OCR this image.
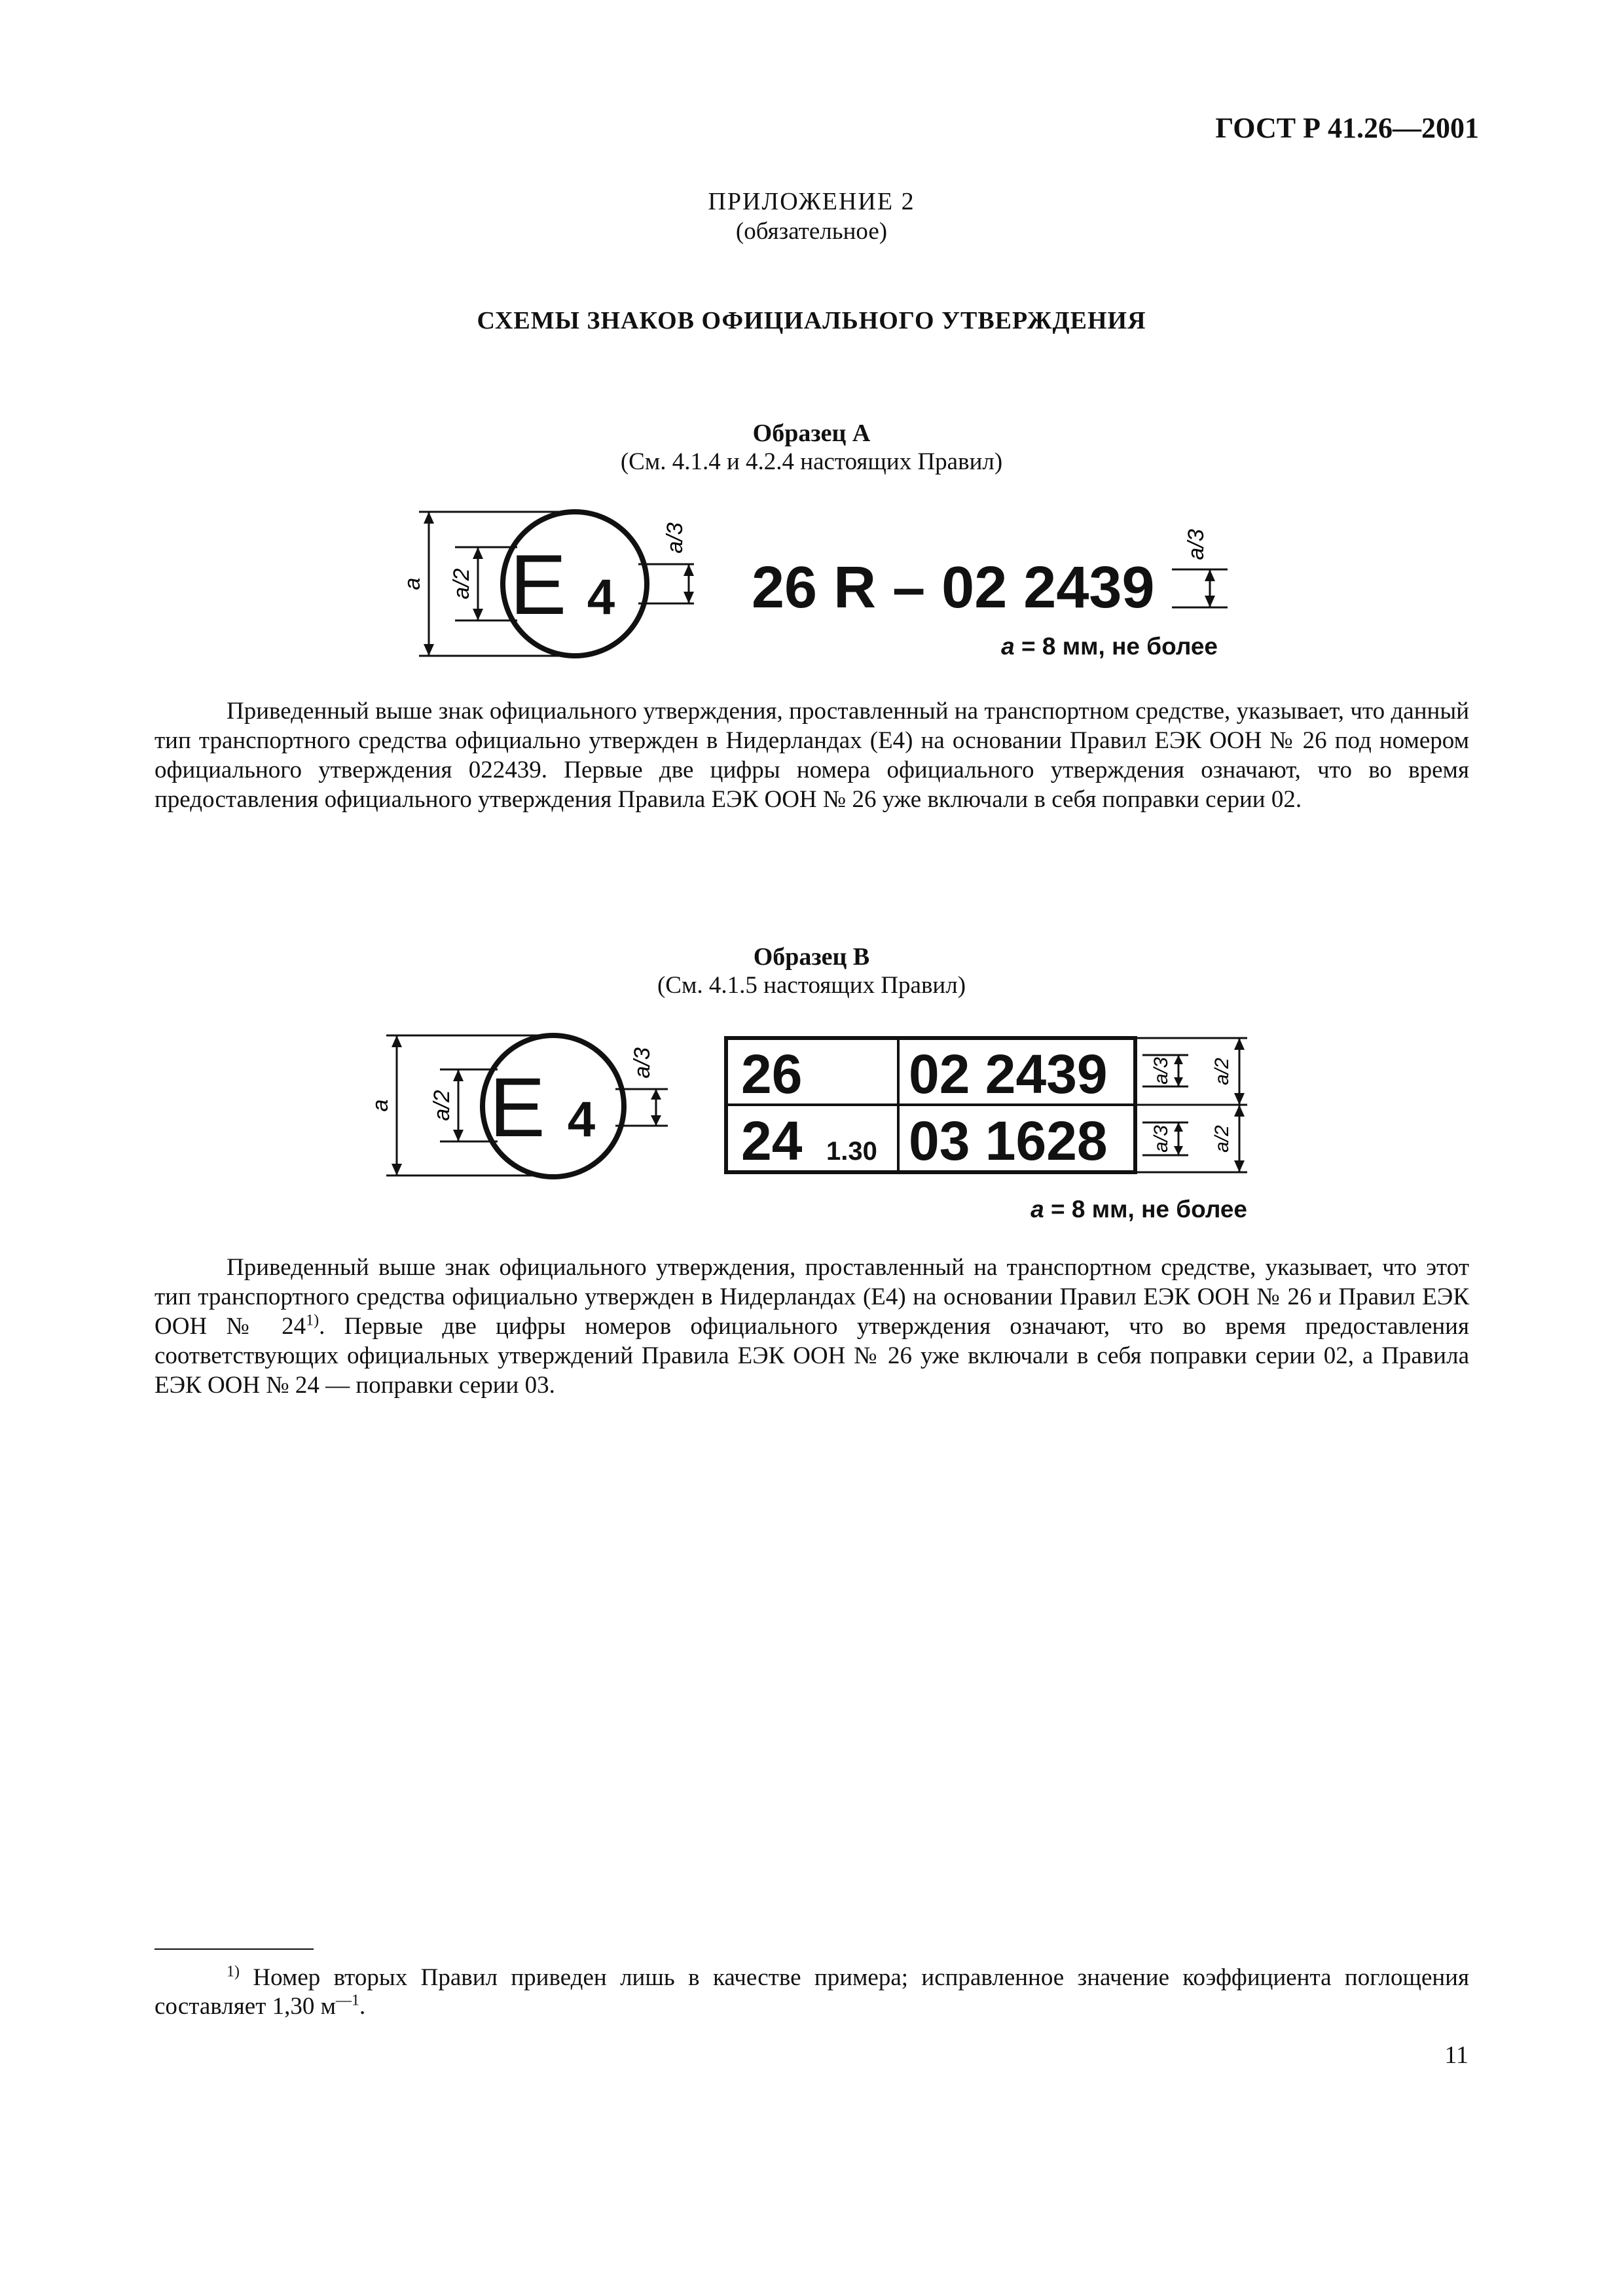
ГОСТ Р 41.26—2001
ПРИЛОЖЕНИЕ 2
(обязательное)
СХЕМЫ ЗНАКОВ ОФИЦИАЛЬНОГО УТВЕРЖДЕНИЯ
Образец А
(См. 4.1.4 и 4.2.4 настоящих Правил)
a a/2
a/3	a/3
E 4 26 R – 02 2439
a = 8 мм, не более

Приведенный выше знак официального утверждения, проставленный на транспортном средстве, указывает, что данный тип транспортного средства официально утвержден в Нидерландах (Е4) на основании Правил ЕЭК ООН № 26 под номером официального утверждения 022439. Первые две цифры номера официального утверждения означают, что во время предоставления официального утверждения Правила ЕЭК ООН № 26 уже включали в себя поправки серии 02.

Образец В
(См. 4.1.5 настоящих Правил)
a a/2
a/3	a/3
a/3
a/2
a/2
E 4
26 02 2439
24 1.30 03 1628
a = 8 мм, не более

Приведенный выше знак официального утверждения, проставленный на транспортном средстве, указывает, что этот тип транспортного средства официально утвержден в Нидерландах (Е4) на основании Правил ЕЭК ООН № 26 и Правил ЕЭК ООН № 24$^{1)}$. Первые две цифры номеров официального утверждения означают, что во время предоставления соответствующих официальных утверждений Правила ЕЭК ООН № 26 уже включали в себя поправки серии 02, а Правила ЕЭК ООН № 24 — поправки серии 03.

$^{1)}$ Номер вторых Правил приведен лишь в качестве примера; исправленное значение коэффициента поглощения составляет 1,30 $м^{—1}$.
11
